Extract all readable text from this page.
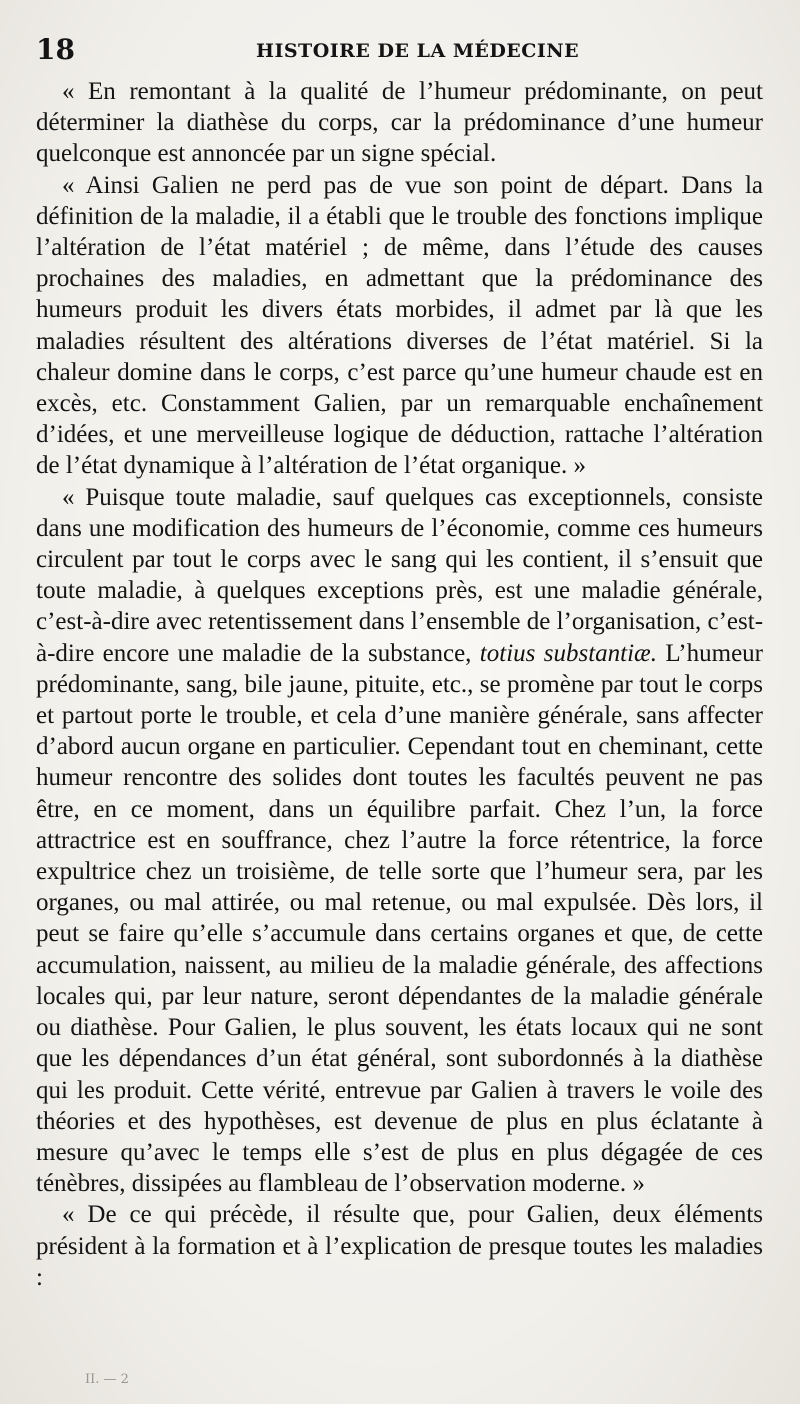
18	HISTOIRE DE LA MÉDECINE

« En remontant à la qualité de l’humeur prédominante, on peut déterminer la diathèse du corps, car la prédominance d’une humeur quelconque est annoncée par un signe spécial.

« Ainsi Galien ne perd pas de vue son point de départ. Dans la définition de la maladie, il a établi que le trouble des fonctions implique l’altération de l’état matériel ; de même, dans l’étude des causes prochaines des maladies, en admettant que la prédominance des humeurs produit les divers états morbides, il admet par là que les maladies résultent des altérations diverses de l’état matériel. Si la chaleur domine dans le corps, c’est parce qu’une humeur chaude est en excès, etc. Constamment Galien, par un remarquable enchaînement d’idées, et une merveilleuse logique de déduction, rattache l’altération de l’état dynamique à l’altération de l’état organique. »

« Puisque toute maladie, sauf quelques cas exceptionnels, consiste dans une modification des humeurs de l’économie, comme ces humeurs circulent par tout le corps avec le sang qui les contient, il s’ensuit que toute maladie, à quelques exceptions près, est une maladie générale, c’est-à-dire avec retentissement dans l’ensemble de l’organisation, c’est-à-dire encore une maladie de la substance, totius substantiæ. L’humeur prédominante, sang, bile jaune, pituite, etc., se promène par tout le corps et partout porte le trouble, et cela d’une manière générale, sans affecter d’abord aucun organe en particulier. Cependant tout en cheminant, cette humeur rencontre des solides dont toutes les facultés peuvent ne pas être, en ce moment, dans un équilibre parfait. Chez l’un, la force attractrice est en souffrance, chez l’autre la force rétentrice, la force expultrice chez un troisième, de telle sorte que l’humeur sera, par les organes, ou mal attirée, ou mal retenue, ou mal expulsée. Dès lors, il peut se faire qu’elle s’accumule dans certains organes et que, de cette accumulation, naissent, au milieu de la maladie générale, des affections locales qui, par leur nature, seront dépendantes de la maladie générale ou diathèse. Pour Galien, le plus souvent, les états locaux qui ne sont que les dépendances d’un état général, sont subordonnés à la diathèse qui les produit. Cette vérité, entrevue par Galien à travers le voile des théories et des hypothèses, est devenue de plus en plus éclatante à mesure qu’avec le temps elle s’est de plus en plus dégagée de ces ténèbres, dissipées au flambleau de l’observation moderne. »

« De ce qui précède, il résulte que, pour Galien, deux éléments président à la formation et à l’explication de presque toutes les maladies :

II. — 2
